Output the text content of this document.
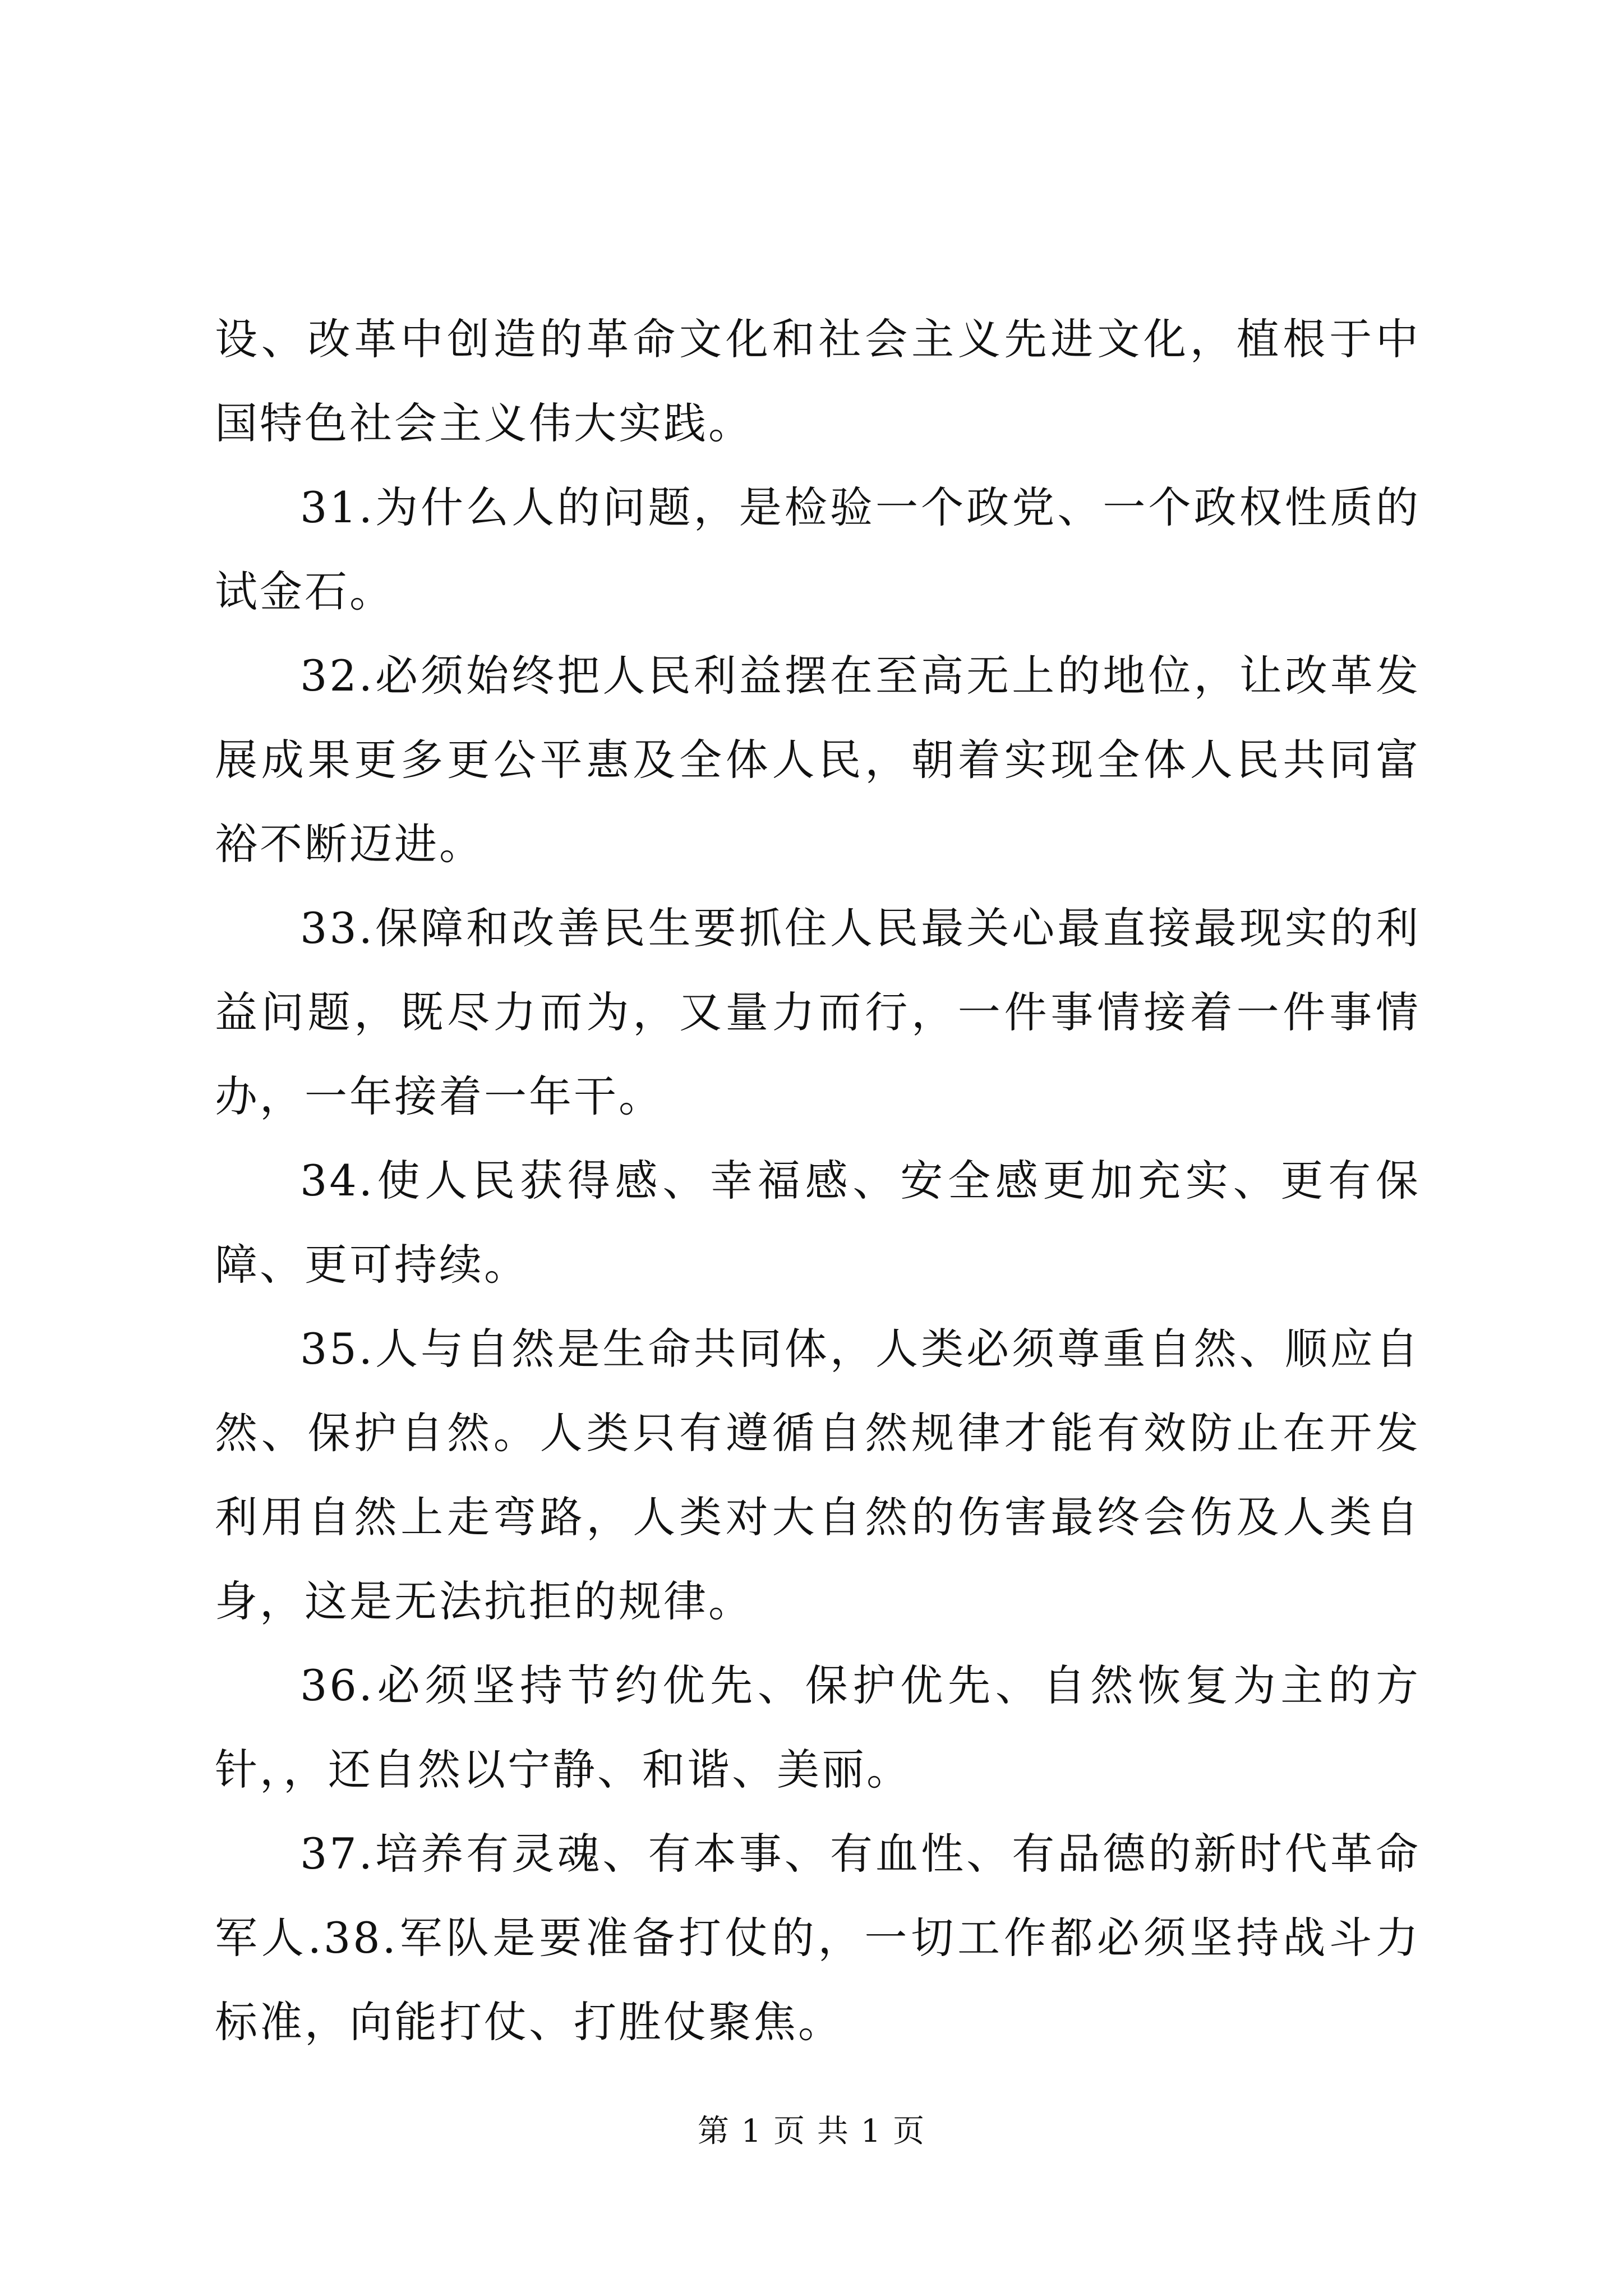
设、改革中创造的革命文化和社会主义先进文化，植根于中国特色社会主义伟大实践。

31.为什么人的问题，是检验一个政党、一个政权性质的试金石。

32.必须始终把人民利益摆在至高无上的地位，让改革发展成果更多更公平惠及全体人民，朝着实现全体人民共同富裕不断迈进。

33.保障和改善民生要抓住人民最关心最直接最现实的利益问题，既尽力而为，又量力而行，一件事情接着一件事情办，一年接着一年干。

34.使人民获得感、幸福感、安全感更加充实、更有保障、更可持续。

35.人与自然是生命共同体，人类必须尊重自然、顺应自然、保护自然。人类只有遵循自然规律才能有效防止在开发利用自然上走弯路，人类对大自然的伤害最终会伤及人类自身，这是无法抗拒的规律。

36.必须坚持节约优先、保护优先、自然恢复为主的方针，，还自然以宁静、和谐、美丽。

37.培养有灵魂、有本事、有血性、有品德的新时代革命军人.38.军队是要准备打仗的，一切工作都必须坚持战斗力标准，向能打仗、打胜仗聚焦。

第 1 页 共 1 页
